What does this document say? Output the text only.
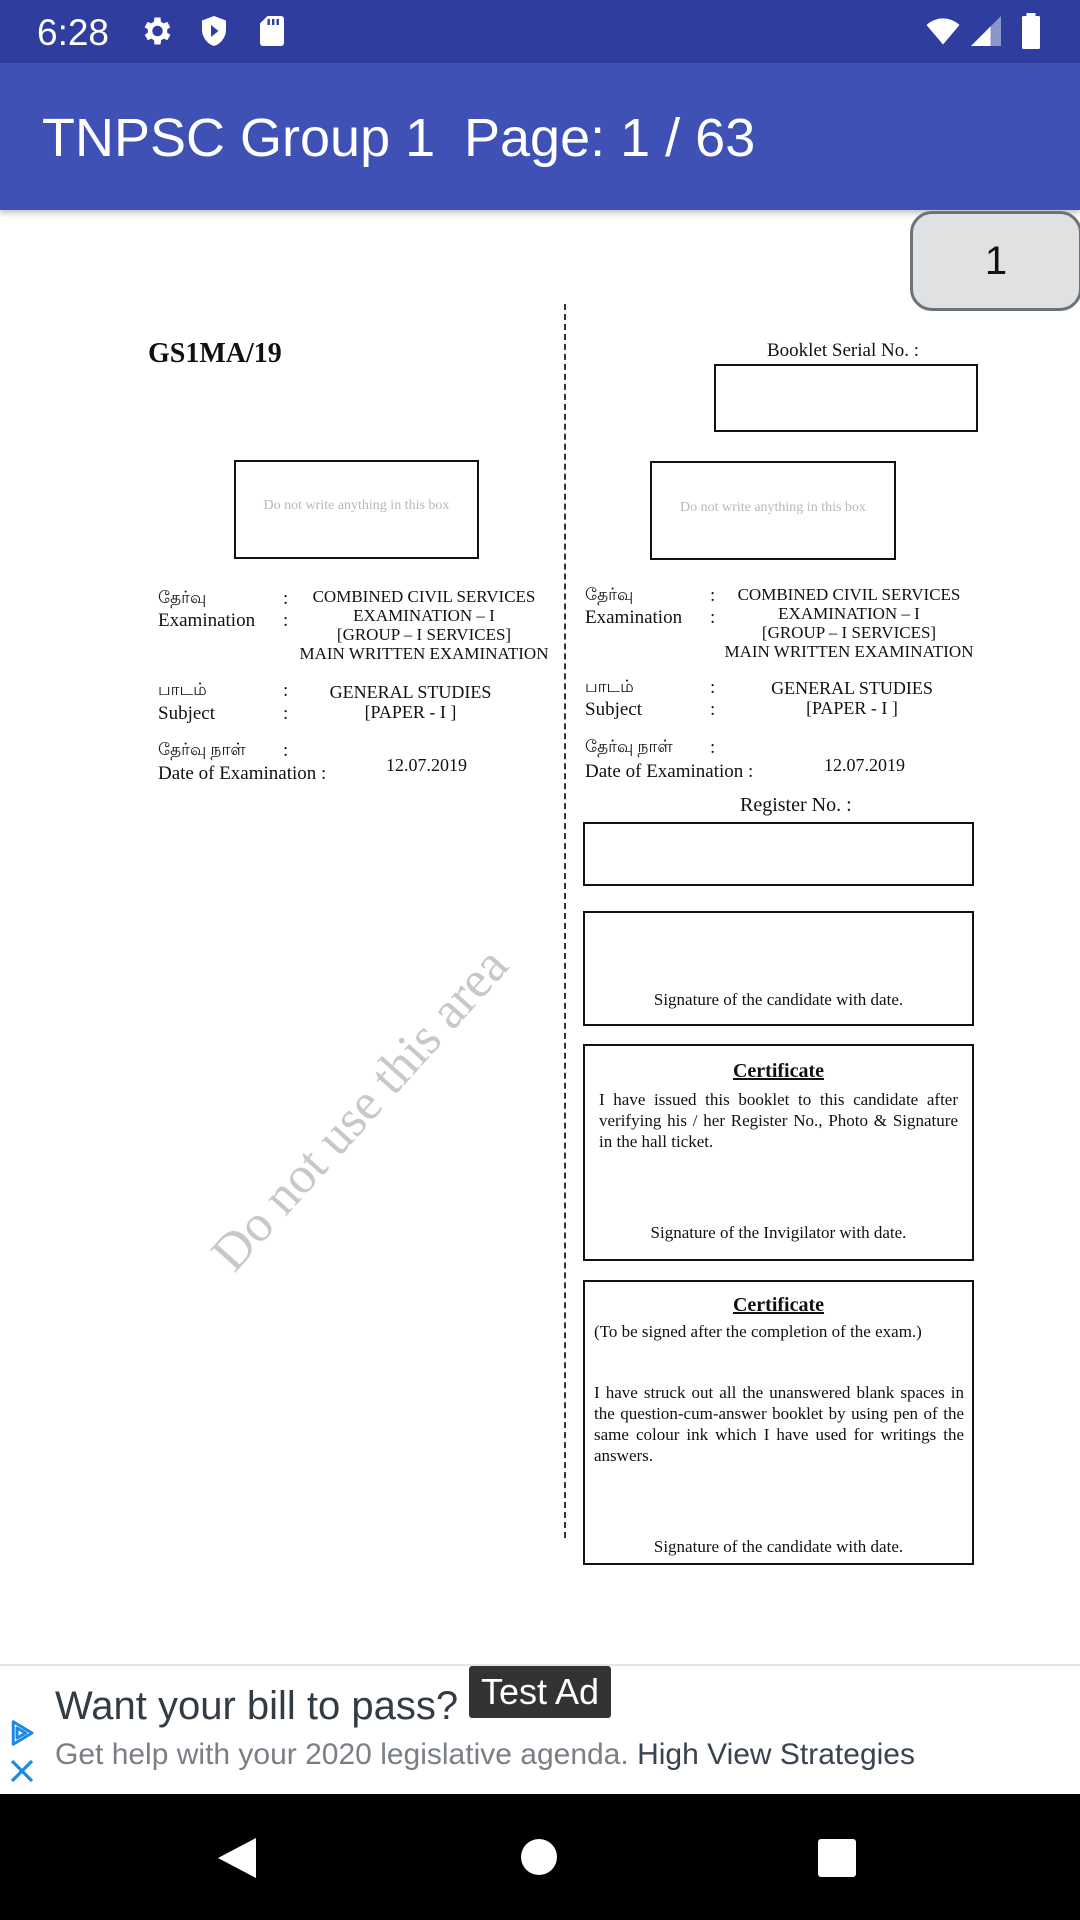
6:28
TNPSC Group 1 Page: 1 / 63
GS1MA/19
Do not write anything in this box
தேர்வு
Examination
:
:
COMBINED CIVIL SERVICES
EXAMINATION – I
[GROUP – I SERVICES]
MAIN WRITTEN EXAMINATION
பாடம்
Subject
:
:
GENERAL STUDIES
[PAPER - I ]
தேர்வு நாள்
Date of Examination :
:
12.07.2019
Do not use this area
Booklet Serial No. :
Do not write anything in this box
தேர்வு
Examination
:
:
COMBINED CIVIL SERVICES
EXAMINATION – I
[GROUP – I SERVICES]
MAIN WRITTEN EXAMINATION
பாடம்
Subject
:
:
GENERAL STUDIES
[PAPER - I ]
தேர்வு நாள்
Date of Examination :
:
12.07.2019
Register No. :
Signature of the candidate with date.
Certificate
I have issued this booklet to this candidate after verifying his / her Register No., Photo & Signature in the hall ticket.
Signature of the Invigilator with date.
Certificate
(To be signed after the completion of the exam.)
I have struck out all the unanswered blank spaces in the question-cum-answer booklet by using pen of the same colour ink which I have used for writings the answers.
Signature of the candidate with date.
1
Want your bill to pass? Test Ad
Get help with your 2020 legislative agenda. High View Strategies
